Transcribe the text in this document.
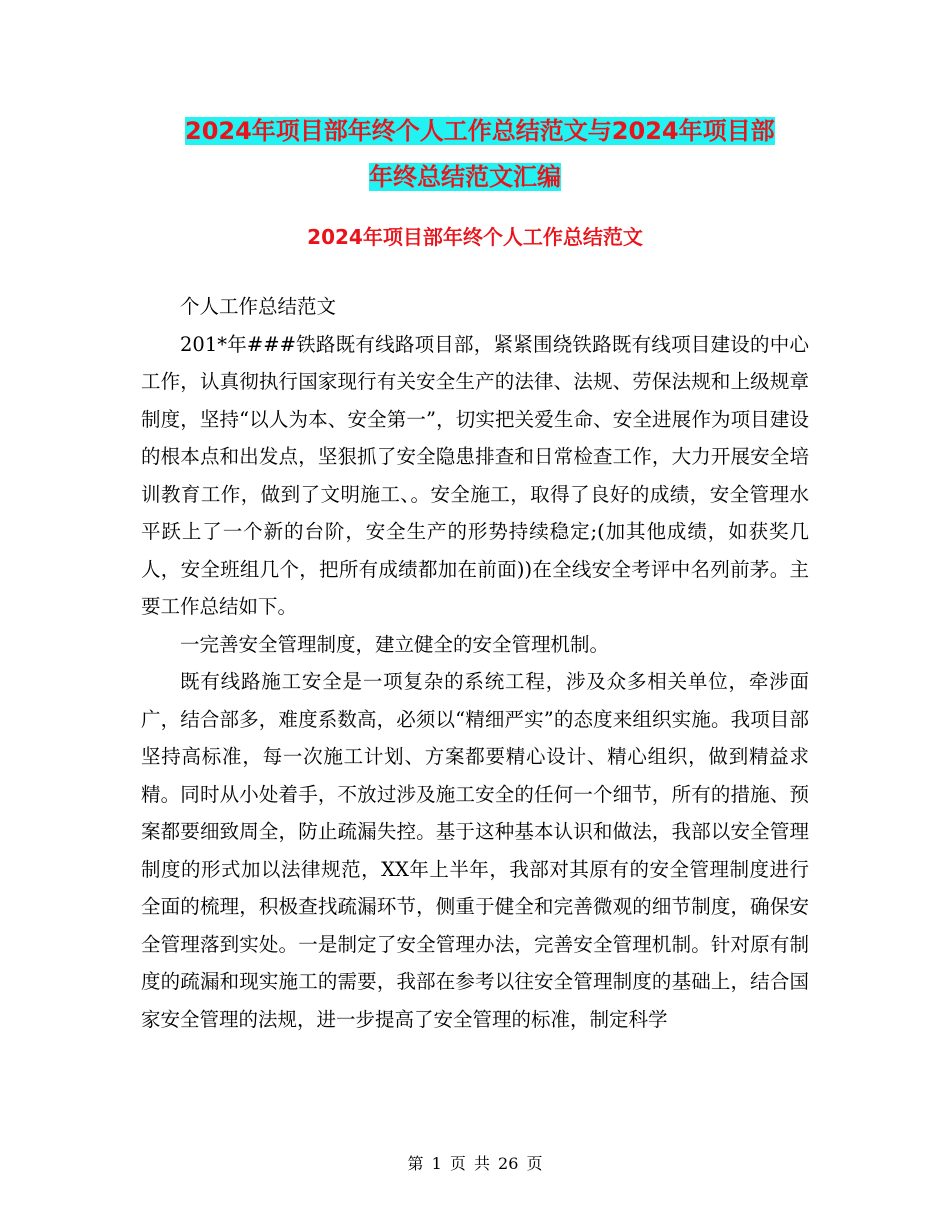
2024年项目部年终个人工作总结范文与2024年项目部
年终总结范文汇编
2024年项目部年终个人工作总结范文

个人工作总结范文

201*年###铁路既有线路项目部，紧紧围绕铁路既有线项目建设的中心工作，认真彻执行国家现行有关安全生产的法律、法规、劳保法规和上级规章制度，坚持“以人为本、安全第一”，切实把关爱生命、安全进展作为项目建设的根本点和出发点，坚狠抓了安全隐患排查和日常检查工作，大力开展安全培训教育工作，做到了文明施工、。安全施工，取得了良好的成绩，安全管理水平跃上了一个新的台阶，安全生产的形势持续稳定;(加其他成绩，如获奖几人，安全班组几个，把所有成绩都加在前面))在全线安全考评中名列前茅。主要工作总结如下。

一完善安全管理制度，建立健全的安全管理机制。

既有线路施工安全是一项复杂的系统工程，涉及众多相关单位，牵涉面广，结合部多，难度系数高，必须以“精细严实”的态度来组织实施。我项目部坚持高标准，每一次施工计划、方案都要精心设计、精心组织，做到精益求精。同时从小处着手，不放过涉及施工安全的任何一个细节，所有的措施、预案都要细致周全，防止疏漏失控。基于这种基本认识和做法，我部以安全管理制度的形式加以法律规范，XX年上半年，我部对其原有的安全管理制度进行全面的梳理，积极查找疏漏环节，侧重于健全和完善微观的细节制度，确保安全管理落到实处。一是制定了安全管理办法，完善安全管理机制。针对原有制度的疏漏和现实施工的需要，我部在参考以往安全管理制度的基础上，结合国家安全管理的法规，进一步提高了安全管理的标准，制定科学

第 1 页 共 26 页
